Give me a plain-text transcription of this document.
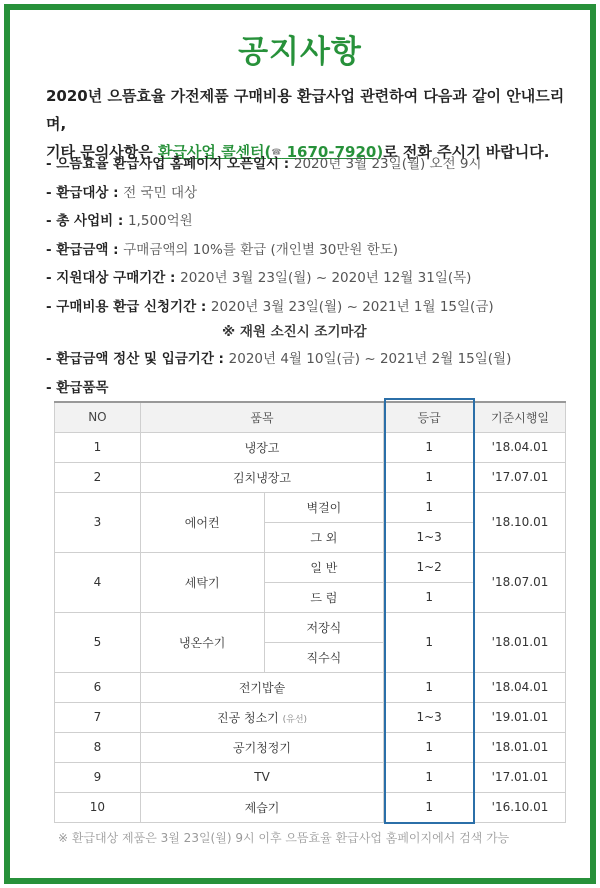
공지사항
2020년 으뜸효율 가전제품 구매비용 환급사업 관련하여 다음과 같이 안내드리며,
기타 문의사항은 환급사업 콜센터(☎ 1670-7920)로 전화 주시기 바랍니다.
- 으뜸효율 환급사업 홈페이지 오픈일시 : 2020년 3월 23일(월) 오전 9시
- 환급대상 : 전 국민 대상
- 총 사업비 : 1,500억원
- 환급금액 : 구매금액의 10%를 환급 (개인별 30만원 한도)
- 지원대상 구매기간 : 2020년 3월 23일(월) ~ 2020년 12월 31일(목)
- 구매비용 환급 신청기간 : 2020년 3월 23일(월) ~ 2021년 1월 15일(금)
※ 재원 소진시 조기마감
- 환급금액 정산 및 입금기간 : 2020년 4월 10일(금) ~ 2021년 2월 15일(월)
- 환급품목
NO	품목		등급	기준시행일
1	냉장고		1	'18.04.01
2	김치냉장고		1	'17.07.01
3	에어컨	벽걸이	1	'18.10.01
		그 외	1~3	
4	세탁기	일 반	1~2	'18.07.01
		드 럼	1	
5	냉온수기	저장식	1	'18.01.01
		직수식		
6	전기밥솥		1	'18.04.01
7	진공 청소기 (유선)		1~3	'19.01.01
8	공기청정기		1	'18.01.01
9	TV		1	'17.01.01
10	제습기		1	'16.10.01
※ 환급대상 제품은 3월 23일(월) 9시 이후 으뜸효율 환급사업 홈페이지에서 검색 가능
